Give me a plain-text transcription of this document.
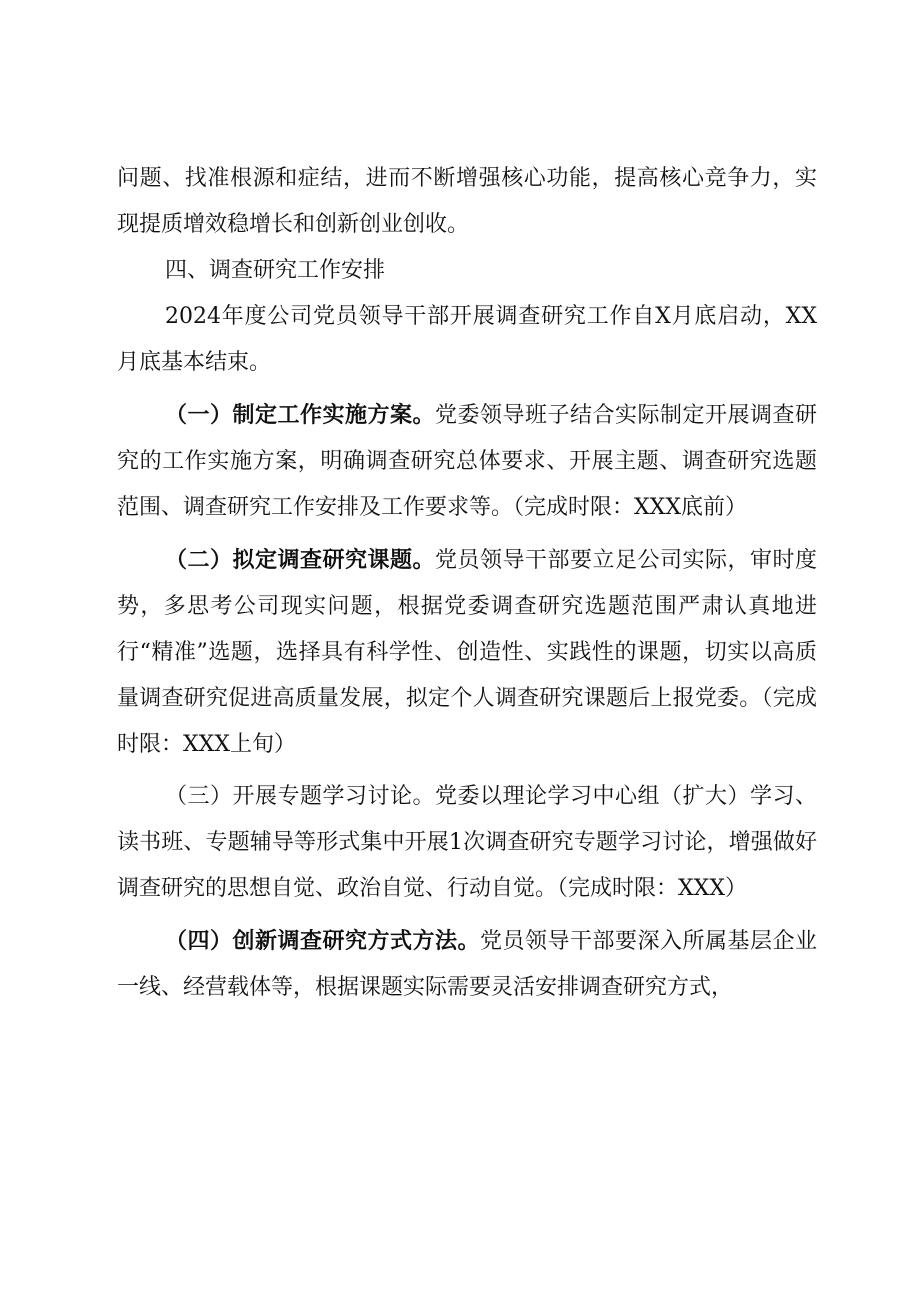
问题、找准根源和症结，进而不断增强核心功能，提高核心竞争力，实现提质增效稳增长和创新创业创收。

四、调查研究工作安排

2024年度公司党员领导干部开展调查研究工作自X月底启动，XX月底基本结束。

（一）制定工作实施方案。党委领导班子结合实际制定开展调查研究的工作实施方案，明确调查研究总体要求、开展主题、调查研究选题范围、调查研究工作安排及工作要求等。（完成时限：XXX底前）

（二）拟定调查研究课题。党员领导干部要立足公司实际，审时度势，多思考公司现实问题，根据党委调查研究选题范围严肃认真地进行“精准”选题，选择具有科学性、创造性、实践性的课题，切实以高质量调查研究促进高质量发展，拟定个人调查研究课题后上报党委。（完成时限：XXX上旬）

（三）开展专题学习讨论。党委以理论学习中心组（扩大）学习、读书班、专题辅导等形式集中开展1次调查研究专题学习讨论，增强做好调查研究的思想自觉、政治自觉、行动自觉。（完成时限：XXX）

（四）创新调查研究方式方法。党员领导干部要深入所属基层企业一线、经营载体等，根据课题实际需要灵活安排调查研究方式，
